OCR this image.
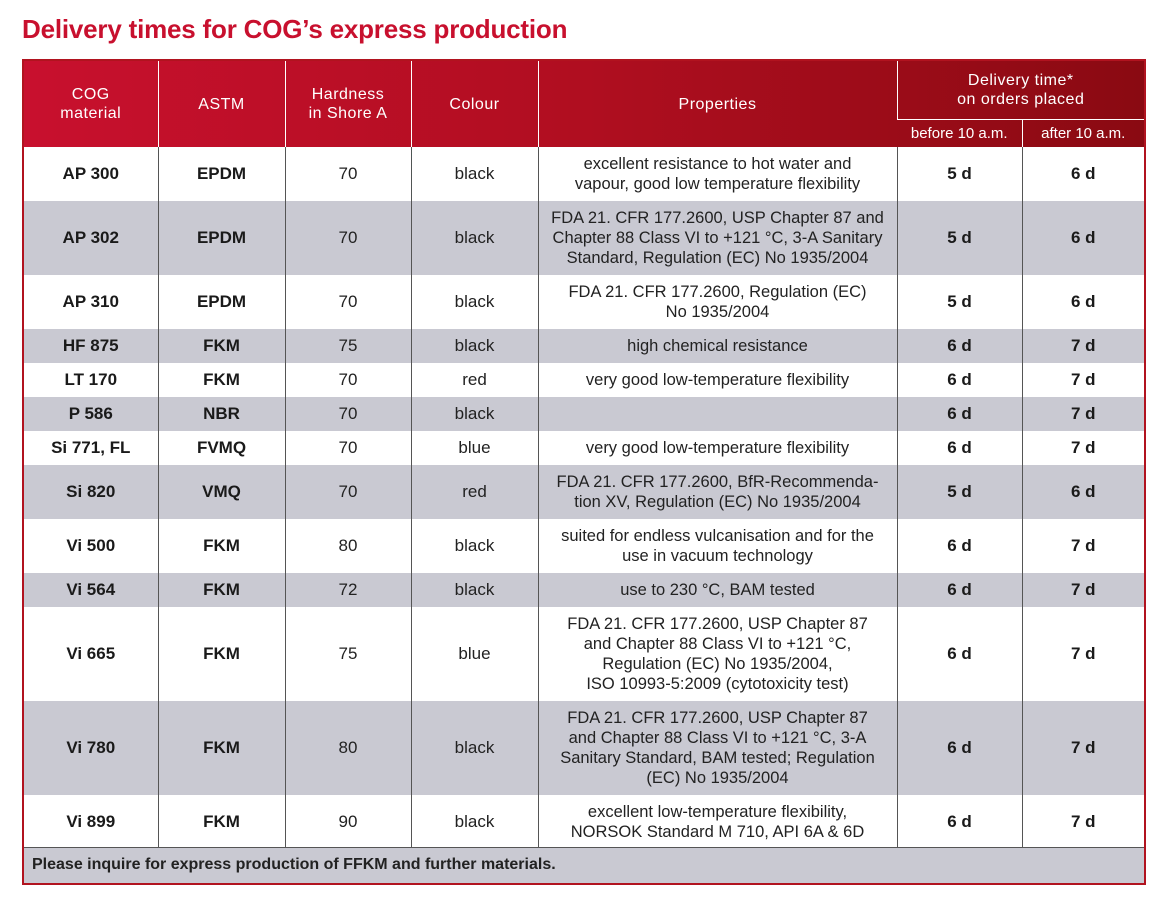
Delivery times for COG’s express production
COG
material	ASTM	Hardness
in Shore A	Colour	Properties	Delivery time*
on orders placed	
					before 10 a.m.	after 10 a.m.
AP 300	EPDM	70	black	excellent resistance to hot water and
vapour, good low temperature flexibility	5 d	6 d
AP 302	EPDM	70	black	FDA 21. CFR 177.2600, USP Chapter 87 and
Chapter 88 Class VI to +121 °C, 3-A Sanitary
Standard, Regulation (EC) No 1935/2004	5 d	6 d
AP 310	EPDM	70	black	FDA 21. CFR 177.2600, Regulation (EC)
No 1935/2004	5 d	6 d
HF 875	FKM	75	black	high chemical resistance	6 d	7 d
LT 170	FKM	70	red	very good low-temperature flexibility	6 d	7 d
P 586	NBR	70	black		6 d	7 d
Si 771, FL	FVMQ	70	blue	very good low-temperature flexibility	6 d	7 d
Si 820	VMQ	70	red	FDA 21. CFR 177.2600, BfR-Recommenda-
tion XV, Regulation (EC) No 1935/2004	5 d	6 d
Vi 500	FKM	80	black	suited for endless vulcanisation and for the
use in vacuum technology	6 d	7 d
Vi 564	FKM	72	black	use to 230 °C, BAM tested	6 d	7 d
Vi 665	FKM	75	blue	FDA 21. CFR 177.2600, USP Chapter 87
and Chapter 88 Class VI to +121 °C,
Regulation (EC) No 1935/2004,
ISO 10993-5:2009 (cytotoxicity test)	6 d	7 d
Vi 780	FKM	80	black	FDA 21. CFR 177.2600, USP Chapter 87
and Chapter 88 Class VI to +121 °C, 3-A
Sanitary Standard, BAM tested; Regulation
(EC) No 1935/2004	6 d	7 d
Vi 899	FKM	90	black	excellent low-temperature flexibility,
NORSOK Standard M 710, API 6A & 6D	6 d	7 d
Please inquire for express production of FFKM and further materials.
